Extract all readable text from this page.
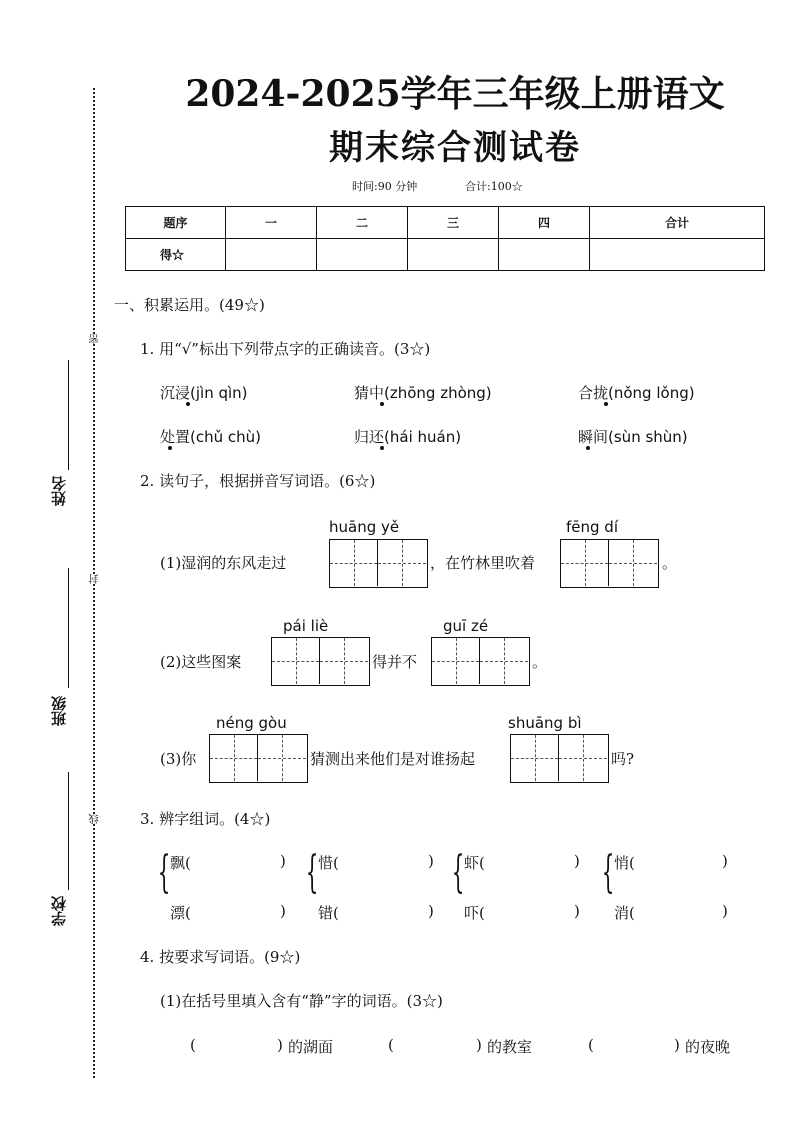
密
封
线
姓名
班级
学校
2024-2025学年三年级上册语文
期末综合测试卷
时间:90 分钟	合计:100☆
题序	一	二	三	四	合计
得☆					
一、积累运用。(49☆)
1. 用“√”标出下列带点字的正确读音。(3☆)
沉浸(jìn qìn)	猜中(zhōng zhòng)	合拢(nǒng lǒng)
处置(chǔ chù)	归还(hái huán)	瞬间(sùn shùn)
2. 读句子，根据拼音写词语。(6☆)
huāng yě	fēng dí
(1)湿润的东风走过	，在竹林里吹着	。
pái liè	guī zé
(2)这些图案	得并不	。
néng gòu	shuāng bì
(3)你	猜测出来他们是对谁扬起	吗?
3. 辨字组词。(4☆)
{ 飘(	)
漂(	)
{ 惜(	)
错(	)
{ 虾(	)
吓(	)
{ 悄(	)
消(	)
4. 按要求写词语。(9☆)
(1)在括号里填入含有“静”字的词语。(3☆)
(	) 的湖面	(	) 的教室	(	) 的夜晚
